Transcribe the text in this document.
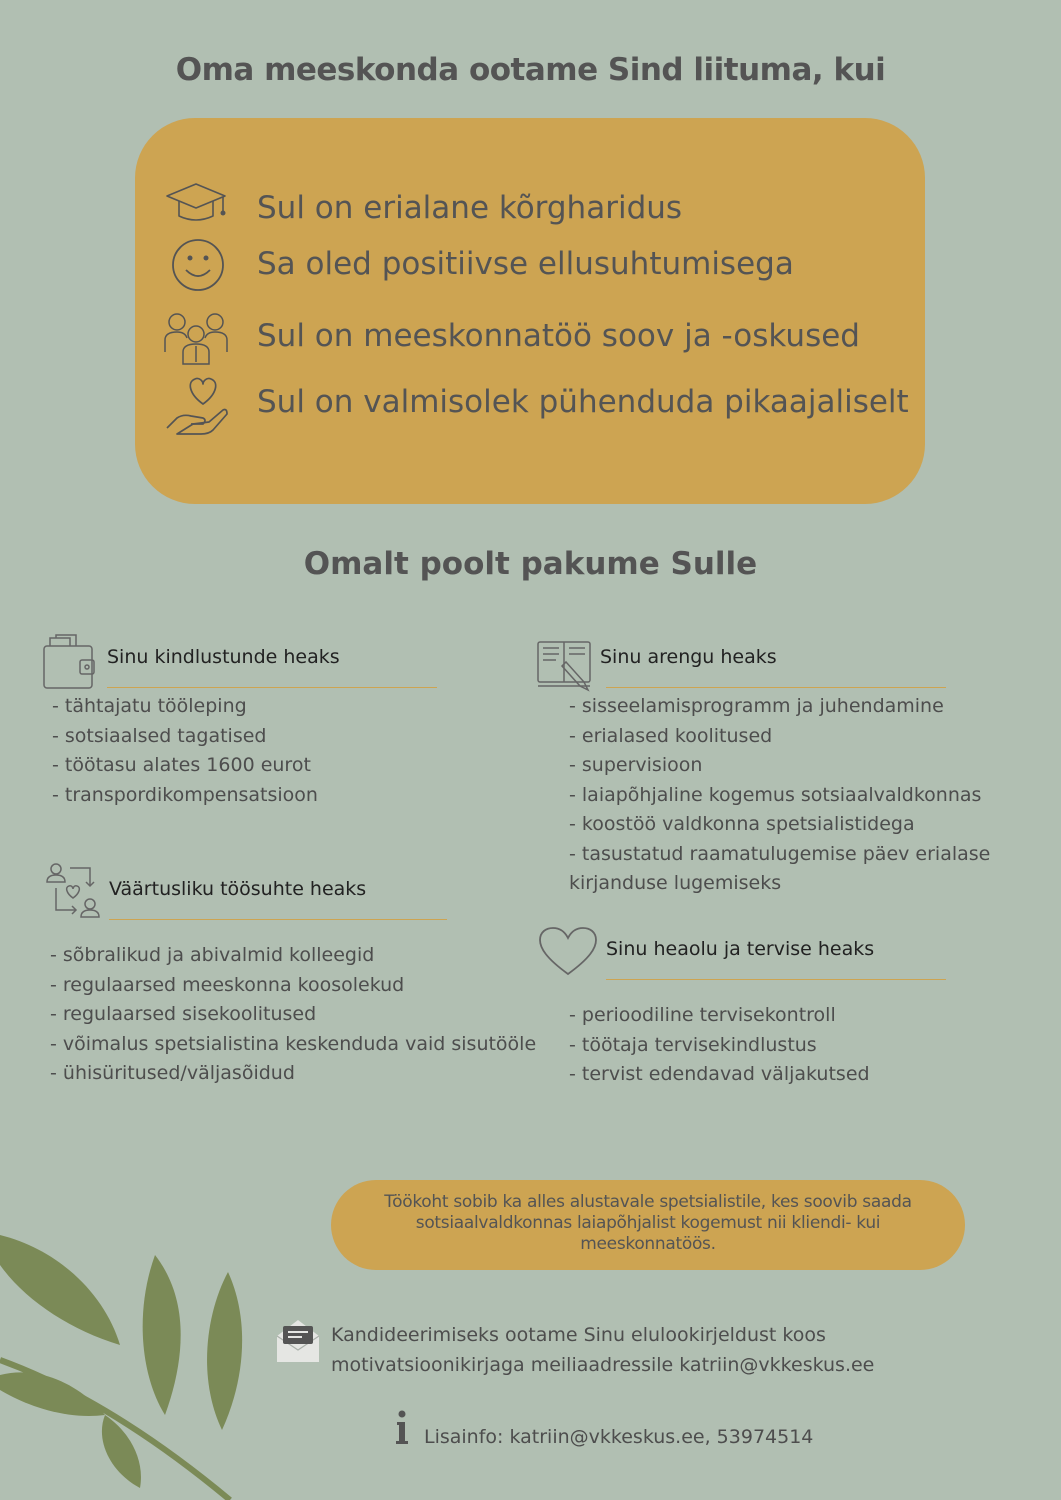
Oma meeskonda ootame Sind liituma, kui
Sul on erialane kõrgharidus
Sa oled positiivse ellusuhtumisega
Sul on meeskonnatöö soov ja -oskused
Sul on valmisolek pühenduda pikaajaliselt
Omalt poolt pakume Sulle
Sinu kindlustunde heaks
- tähtajatu tööleping
- sotsiaalsed tagatised
- töötasu alates 1600 eurot
- transpordikompensatsioon
Väärtusliku töösuhte heaks
- sõbralikud ja abivalmid kolleegid
- regulaarsed meeskonna koosolekud
- regulaarsed sisekoolitused
- võimalus spetsialistina keskenduda vaid sisutööle
- ühisüritused/väljasõidud
Sinu arengu heaks
- sisseelamisprogramm ja juhendamine
- erialased koolitused
- supervisioon
- laiapõhjaline kogemus sotsiaalvaldkonnas
- koostöö valdkonna spetsialistidega
- tasustatud raamatulugemise päev erialase
kirjanduse lugemiseks
Sinu heaolu ja tervise heaks
- perioodiline tervisekontroll
- töötaja tervisekindlustus
- tervist edendavad väljakutsed
Töökoht sobib ka alles alustavale spetsialistile, kes soovib saada
sotsiaalvaldkonnas laiapõhjalist kogemust nii kliendi- kui
meeskonnatöös.
Kandideerimiseks ootame Sinu elulookirjeldust koos
motivatsioonikirjaga meiliaadressile katriin@vkkeskus.ee
Lisainfo: katriin@vkkeskus.ee, 53974514
